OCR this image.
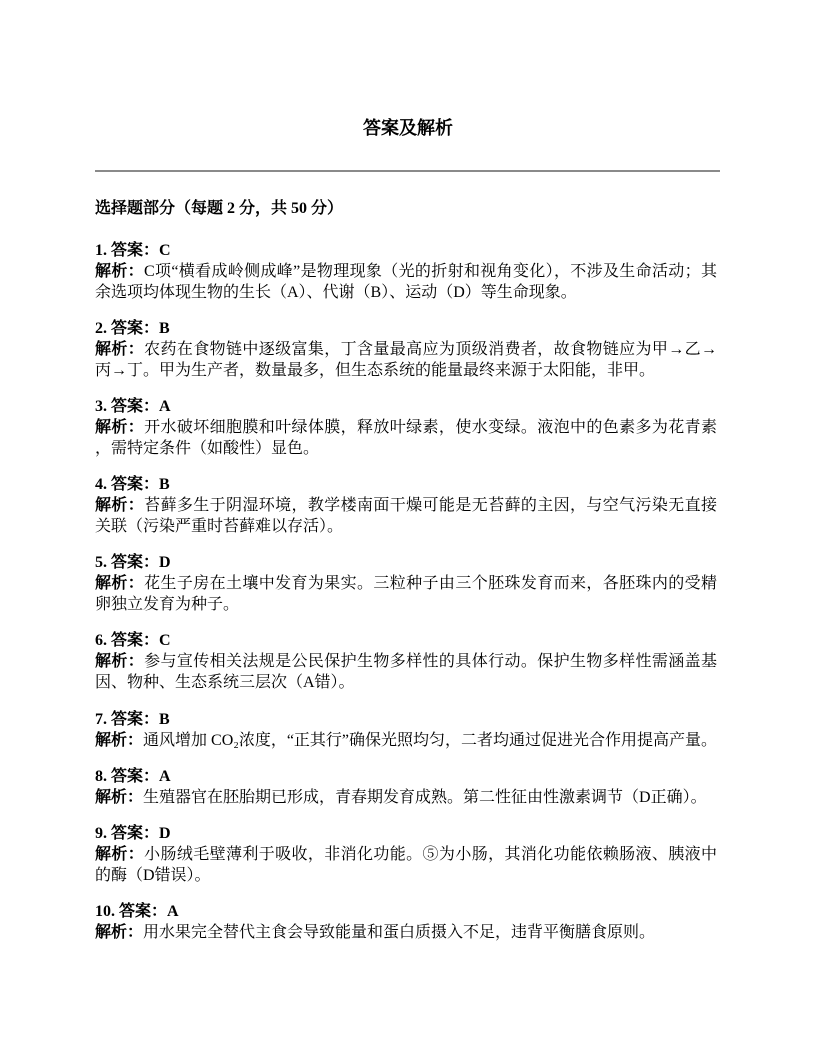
答案及解析
选择题部分（每题 2 分，共 50 分）
1. 答案：C
解析：C项“横看成岭侧成峰”是物理现象（光的折射和视角变化），不涉及生命活动；其
余选项均体现生物的生长（A）、代谢（B）、运动（D）等生命现象。
2. 答案：B
解析：农药在食物链中逐级富集，丁含量最高应为顶级消费者，故食物链应为甲→乙→
丙→丁。甲为生产者，数量最多，但生态系统的能量最终来源于太阳能，非甲。
3. 答案：A
解析：开水破坏细胞膜和叶绿体膜，释放叶绿素，使水变绿。液泡中的色素多为花青素
，需特定条件（如酸性）显色。
4. 答案：B
解析：苔藓多生于阴湿环境，教学楼南面干燥可能是无苔藓的主因，与空气污染无直接
关联（污染严重时苔藓难以存活）。
5. 答案：D
解析：花生子房在土壤中发育为果实。三粒种子由三个胚珠发育而来，各胚珠内的受精
卵独立发育为种子。
6. 答案：C
解析：参与宣传相关法规是公民保护生物多样性的具体行动。保护生物多样性需涵盖基
因、物种、生态系统三层次（A错）。
7. 答案：B
解析：通风增加 CO₂浓度，“正其行”确保光照均匀，二者均通过促进光合作用提高产量。
8. 答案：A
解析：生殖器官在胚胎期已形成，青春期发育成熟。第二性征由性激素调节（D正确）。
9. 答案：D
解析：小肠绒毛壁薄利于吸收，非消化功能。⑤为小肠，其消化功能依赖肠液、胰液中
的酶（D错误）。
10. 答案：A
解析：用水果完全替代主食会导致能量和蛋白质摄入不足，违背平衡膳食原则。
